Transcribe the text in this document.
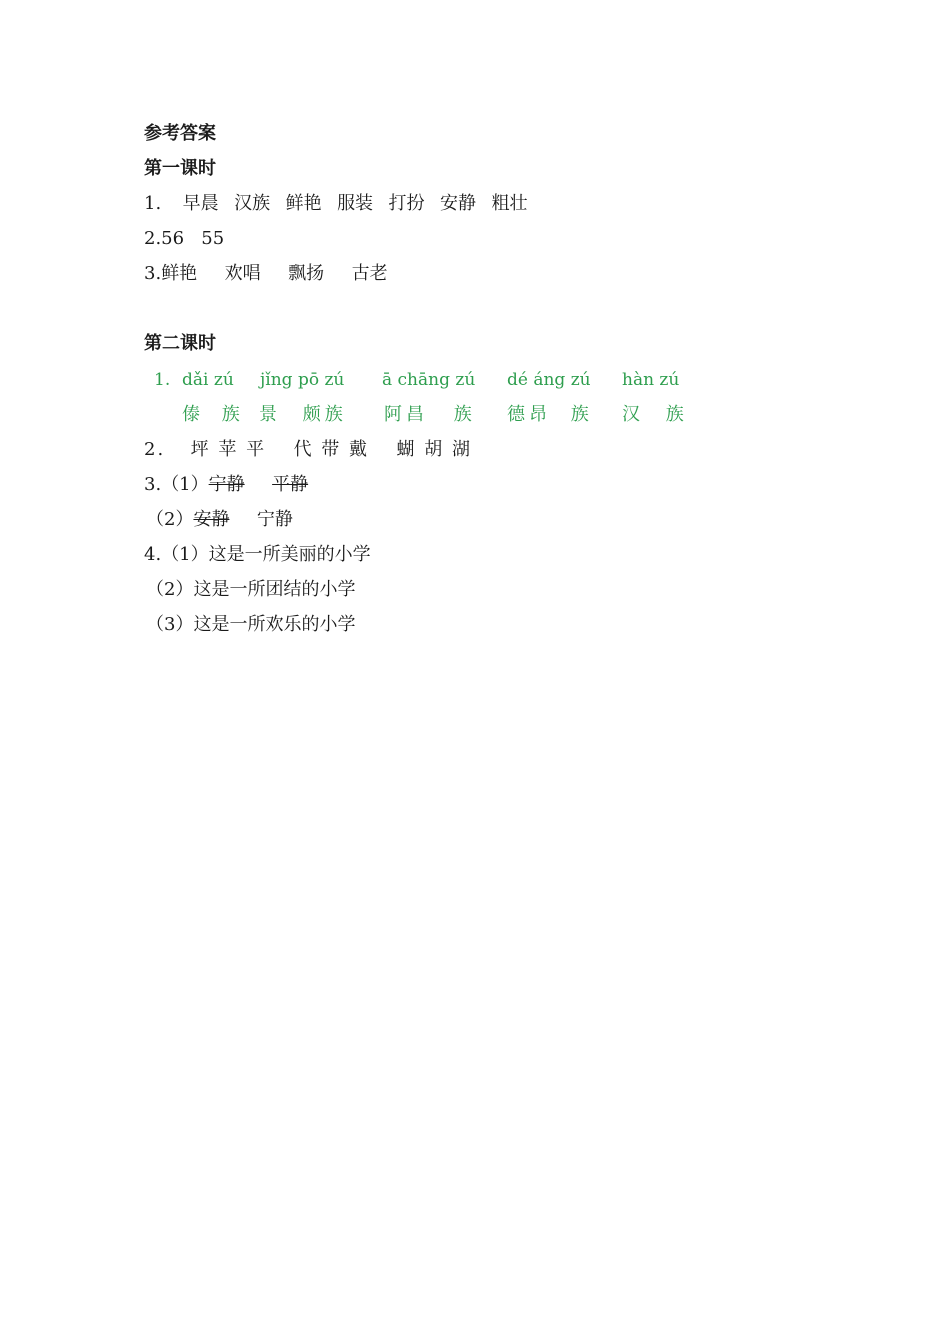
参考答案
第一课时
1. 早晨 汉族 鲜艳 服装 打扮 安静 粗壮
2.56   55
3.鲜艳 欢唱 飘扬 古老
第二课时
1. dǎi zú jǐng pō zú ā chāng zú dé áng zú hàn zú
傣 族 景 颇族 阿昌 族 德昂 族 汉 族
2. 坪 苹 平 代 带 戴 蝴 胡 湖
3.（1）宁静 平静
（2）安静 宁静
4.（1）这是一所美丽的小学
（2）这是一所团结的小学
（3）这是一所欢乐的小学
